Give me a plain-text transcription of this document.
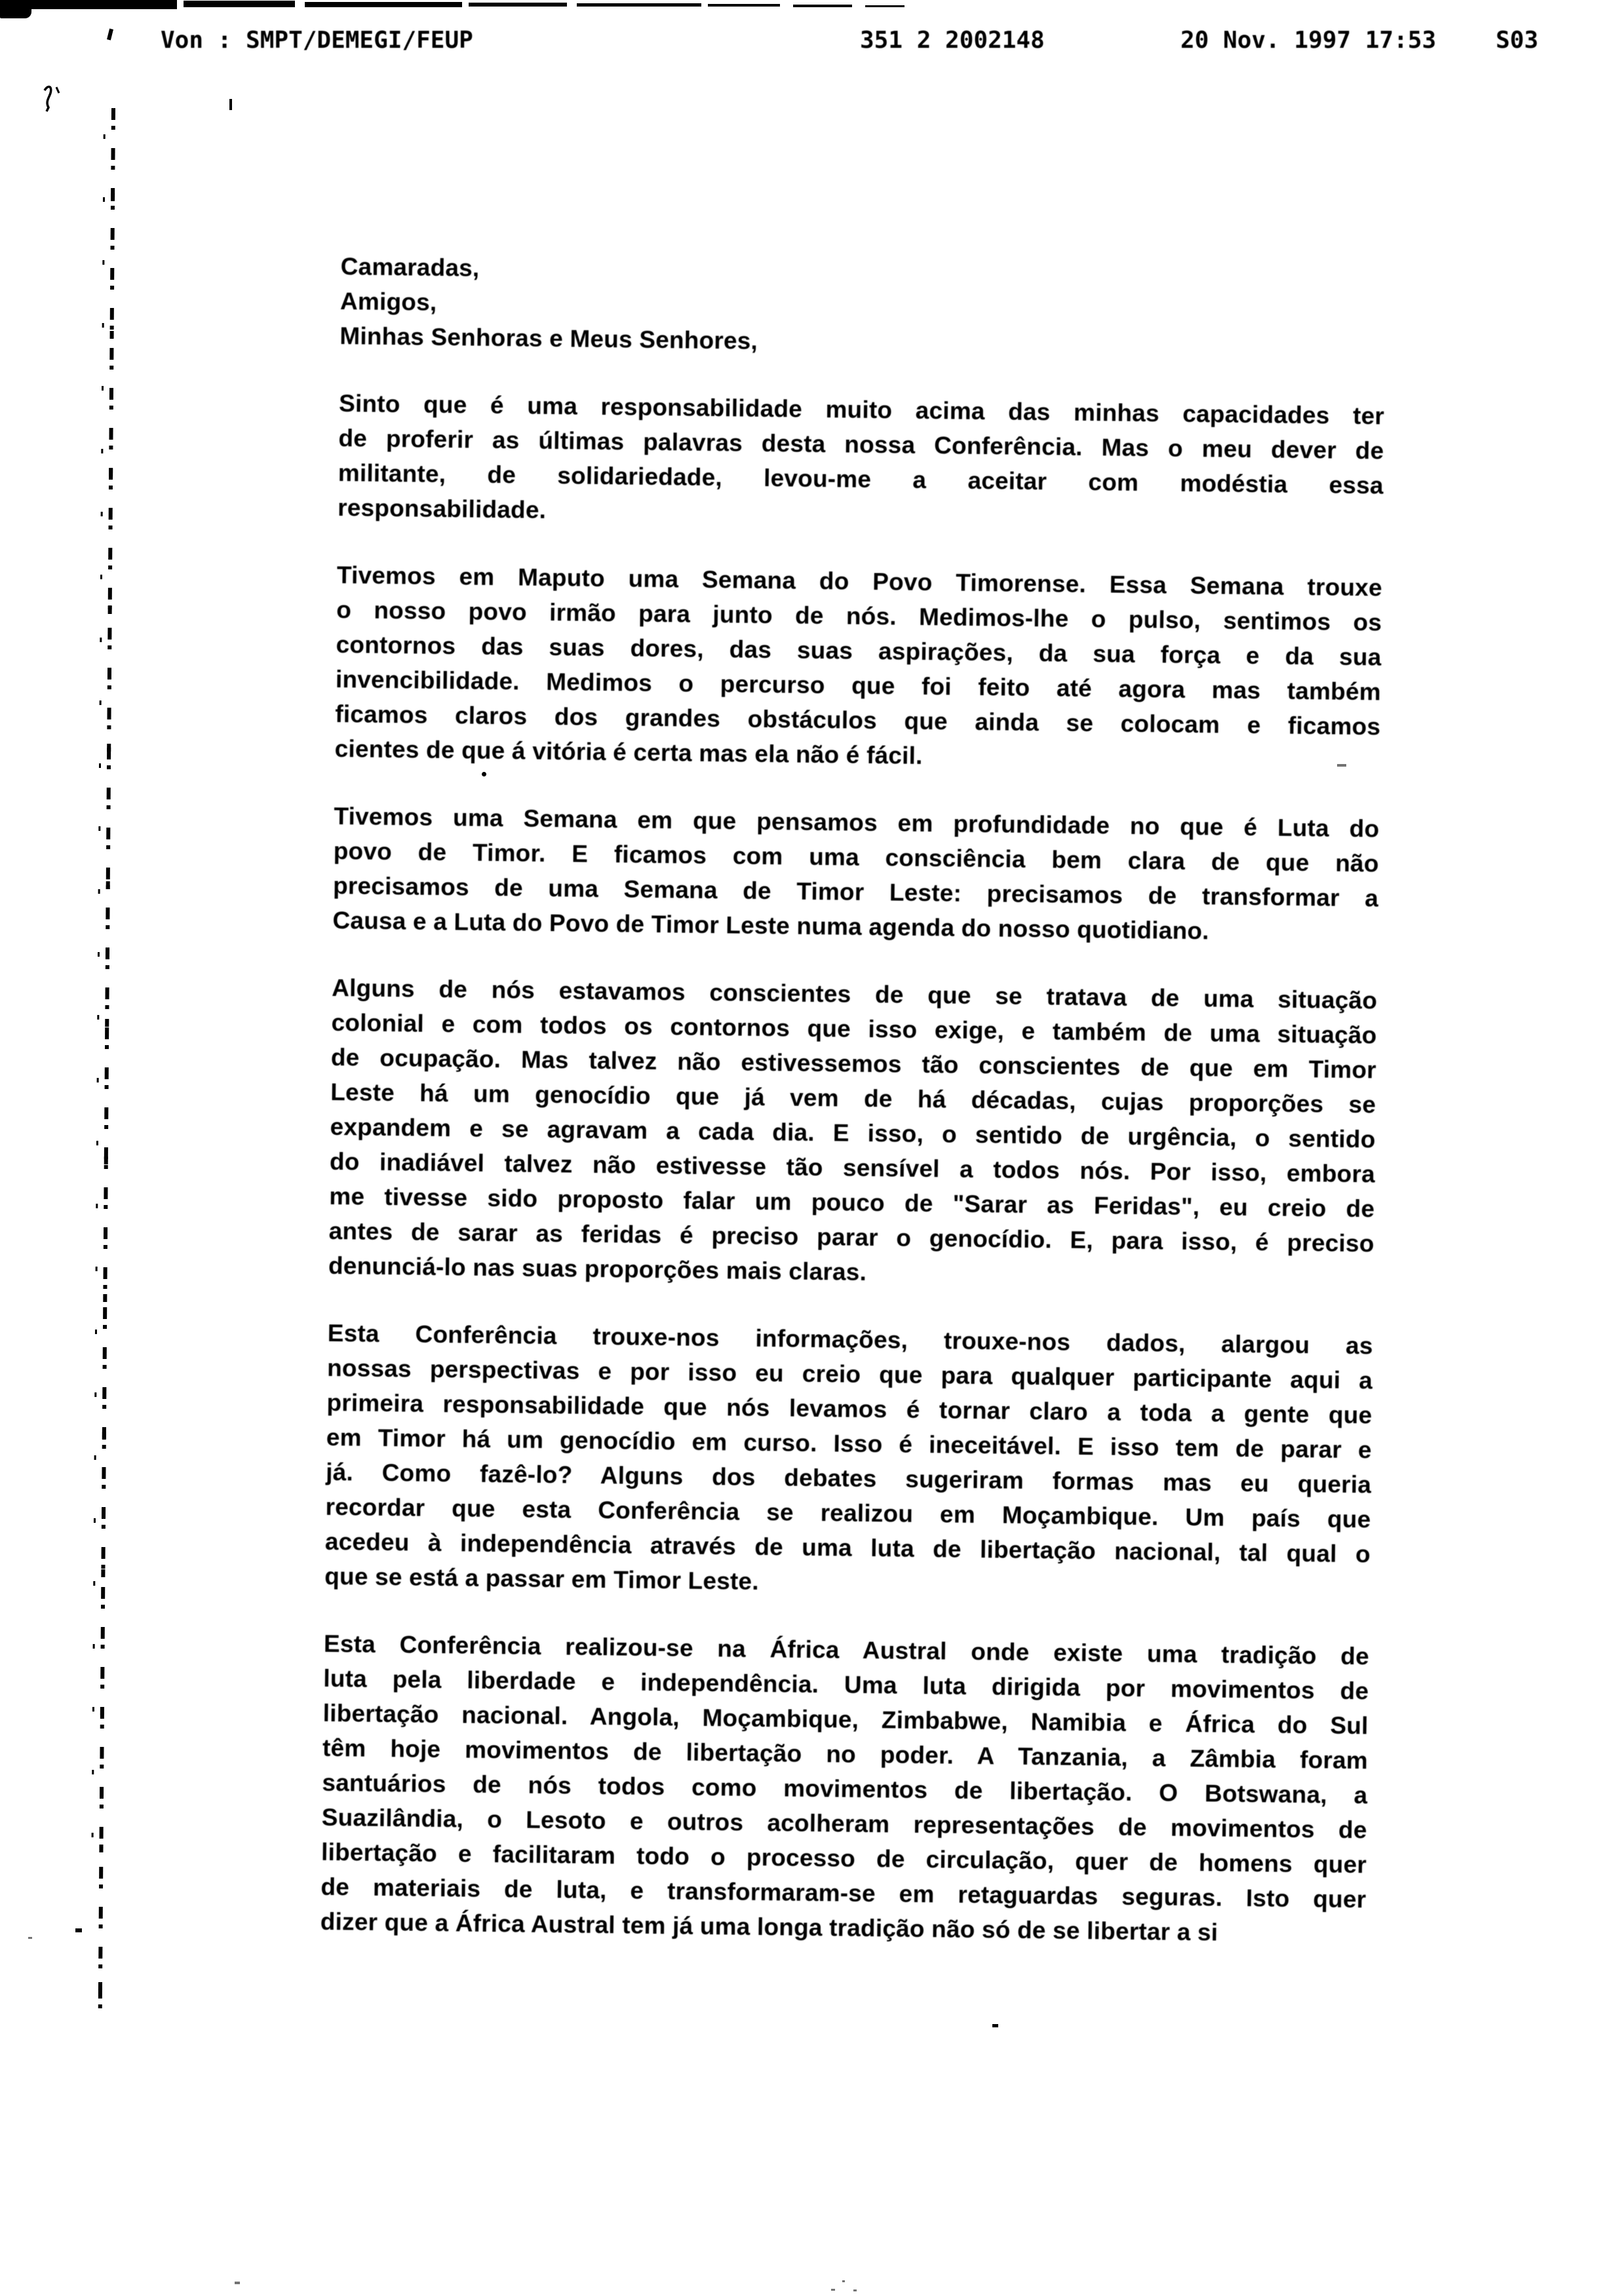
Von : SMPT/DEMEGI/FEUP	351 2 2002148	20 Nov. 1997 17:53	S03
Camaradas,
Amigos,
Minhas Senhoras e Meus Senhores,
Sinto que é uma responsabilidade muito acima das minhas capacidades ter
de proferir as últimas palavras desta nossa Conferência. Mas o meu dever de
militante, de solidariedade, levou-me a aceitar com modéstia essa
responsabilidade.
Tivemos em Maputo uma Semana do Povo Timorense. Essa Semana trouxe
o nosso povo irmão para junto de nós. Medimos-lhe o pulso, sentimos os
contornos das suas dores, das suas aspirações, da sua força e da sua
invencibilidade. Medimos o percurso que foi feito até agora mas também
ficamos claros dos grandes obstáculos que ainda se colocam e ficamos
cientes de que á vitória é certa mas ela não é fácil.
Tivemos uma Semana em que pensamos em profundidade no que é Luta do
povo de Timor. E ficamos com uma consciência bem clara de que não
precisamos de uma Semana de Timor Leste: precisamos de transformar a
Causa e a Luta do Povo de Timor Leste numa agenda do nosso quotidiano.
Alguns de nós estavamos conscientes de que se tratava de uma situação
colonial e com todos os contornos que isso exige, e também de uma situação
de ocupação. Mas talvez não estivessemos tão conscientes de que em Timor
Leste há um genocídio que já vem de há décadas, cujas proporções se
expandem e se agravam a cada dia. E isso, o sentido de urgência, o sentido
do inadiável talvez não estivesse tão sensível a todos nós. Por isso, embora
me tivesse sido proposto falar um pouco de "Sarar as Feridas", eu creio de
antes de sarar as feridas é preciso parar o genocídio. E, para isso, é preciso
denunciá-lo nas suas proporções mais claras.
Esta Conferência trouxe-nos informações, trouxe-nos dados, alargou as
nossas perspectivas e por isso eu creio que para qualquer participante aqui a
primeira responsabilidade que nós levamos é tornar claro a toda a gente que
em Timor há um genocídio em curso. Isso é ineceitável. E isso tem de parar e
já. Como fazê-lo? Alguns dos debates sugeriram formas mas eu queria
recordar que esta Conferência se realizou em Moçambique. Um país que
acedeu à independência através de uma luta de libertação nacional, tal qual o
que se está a passar em Timor Leste.
Esta Conferência realizou-se na África Austral onde existe uma tradição de
luta pela liberdade e independência. Uma luta dirigida por movimentos de
libertação nacional. Angola, Moçambique, Zimbabwe, Namibia e África do Sul
têm hoje movimentos de libertação no poder. A Tanzania, a Zâmbia foram
santuários de nós todos como movimentos de libertação. O Botswana, a
Suazilândia, o Lesoto e outros acolheram representações de movimentos de
libertação e facilitaram todo o processo de circulação, quer de homens quer
de materiais de luta, e transformaram-se em retaguardas seguras. Isto quer
dizer que a África Austral tem já uma longa tradição não só de se libertar a si
